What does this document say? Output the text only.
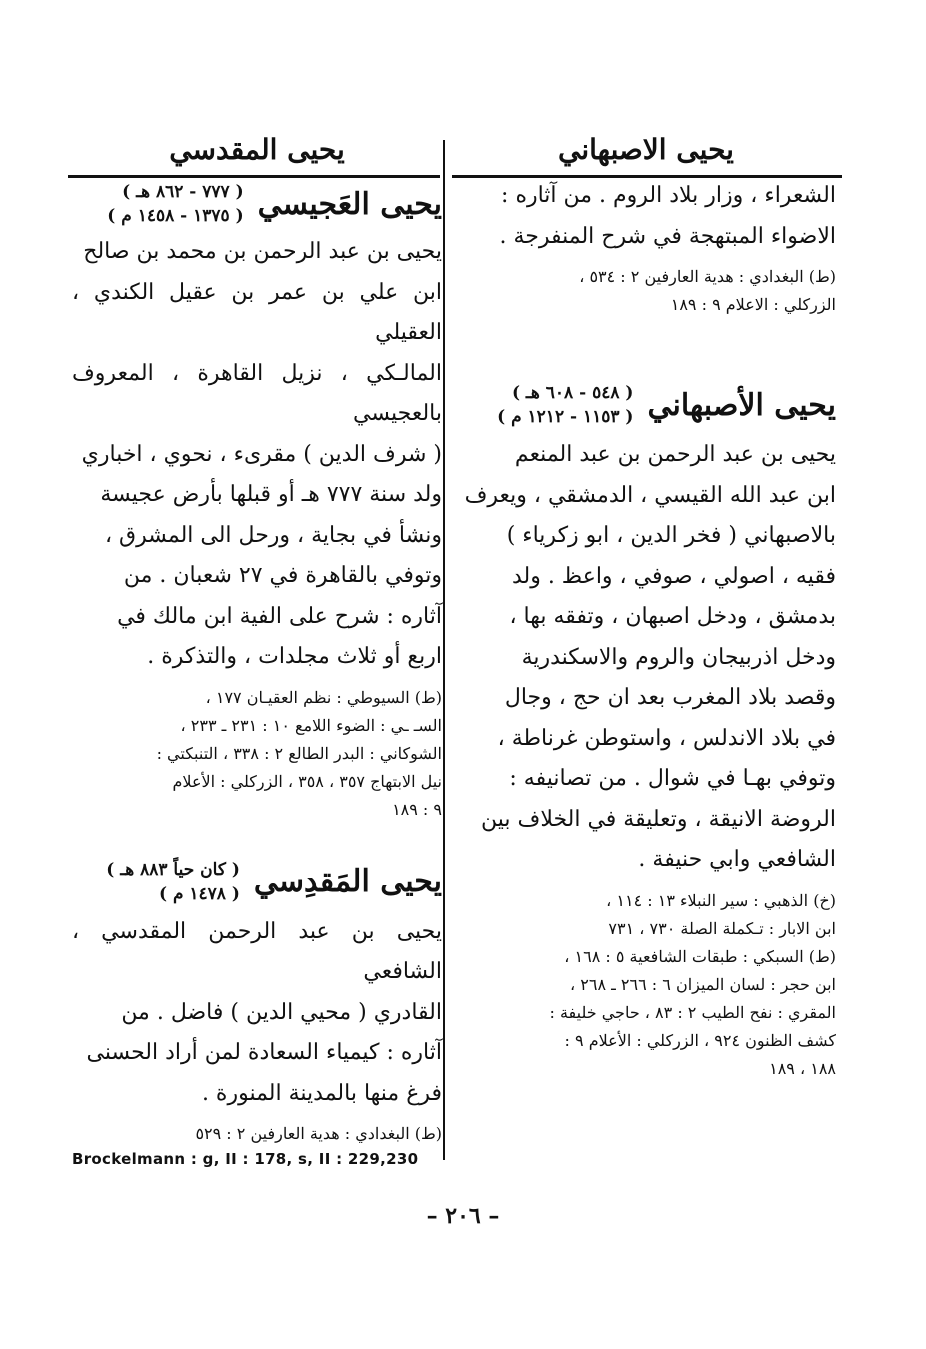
يحيى الاصبهاني

الشعراء ، وزار بلاد الروم . من آثاره :

الاضواء المبتهجة في شرح المنفرجة .

(ط) البغدادي : هدية العارفين ٢ : ٥٣٤ ،

الزركلي : الاعلام ٩ : ١٨٩

يحيى الأصبهاني
( ٥٤٨ - ٦٠٨ هـ )
( ١١٥٣ - ١٢١٢ م )

يحيى بن عبد الرحمن بن عبد المنعم

ابن عبد الله القيسي ، الدمشقي ، ويعرف

بالاصبهاني ( فخر الدين ، ابو زكرياء )

فقيه ، اصولي ، صوفي ، واعظ . ولد

بدمشق ، ودخل اصبهان ، وتفقه بها ،

ودخل اذربيجان والروم والاسكندرية

وقصد بلاد المغرب بعد ان حج ، وجال

في بلاد الاندلس ، واستوطن غرناطة ،

وتوفي بهـا في شوال . من تصانيفه :

الروضة الانيقة ، وتعليقة في الخلاف بين

الشافعي وابي حنيفة .

(خ) الذهبي : سير النبلاء ١٣ : ١١٤ ،

ابن الابار : تـكملة الصلة ٧٣٠ ، ٧٣١

(ط) السبكي : طبقات الشافعية ٥ : ١٦٨ ،

ابن حجر : لسان الميزان ٦ : ٢٦٦ ـ ٢٦٨ ،

المقري : نفح الطيب ٢ : ٨٣ ، حاجي خليفة :

كشف الظنون ٩٢٤ ، الزركلي : الأعلام ٩ :

١٨٨ ، ١٨٩

يحيى المقدسي
يحيى العَجيسي
( ٧٧٧ - ٨٦٢ هـ )
( ١٣٧٥ - ١٤٥٨ م )

يحيى بن عبد الرحمن بن محمد بن صالح

ابن علي بن عمر بن عقيل الكندي ، العقيلي

المالـكي ، نزيل القاهرة ، المعروف بالعجيسي

( شرف الدين ) مقرىء ، نحوي ، اخباري

ولد سنة ٧٧٧ هـ أو قبلها بأرض عجيسة

ونشأ في بجاية ، ورحل الى المشرق ،

وتوفي بالقاهرة في ٢٧ شعبان . من

آثاره : شرح على الفية ابن مالك في

اربع أو ثلاث مجلدات ، والتذكرة .

(ط) السيوطي : نظم العقيـان ١٧٧ ،

السـ ـي : الضوء اللامع ١٠ : ٢٣١ ـ ٢٣٣ ،

الشوكاني : البدر الطالع ٢ : ٣٣٨ ، التنبكتي :

نيل الابتهاج ٣٥٧ ، ٣٥٨ ، الزركلي : الأعلام

٩ : ١٨٩

يحيى المَقدِسي
( كان حياً ٨٨٣ هـ )
( ١٤٧٨ م )

يحيى بن عبد الرحمن المقدسي ، الشافعي

القادري ( محيي الدين ) فاضل . من

آثاره : كيمياء السعادة لمن أراد الحسنى

فرغ منها بالمدينة المنورة .

(ط) البغدادي : هدية العارفين ٢ : ٥٢٩

Brockelmann : g, II : 178, s, II : 229,230
– ٢٠٦ –
